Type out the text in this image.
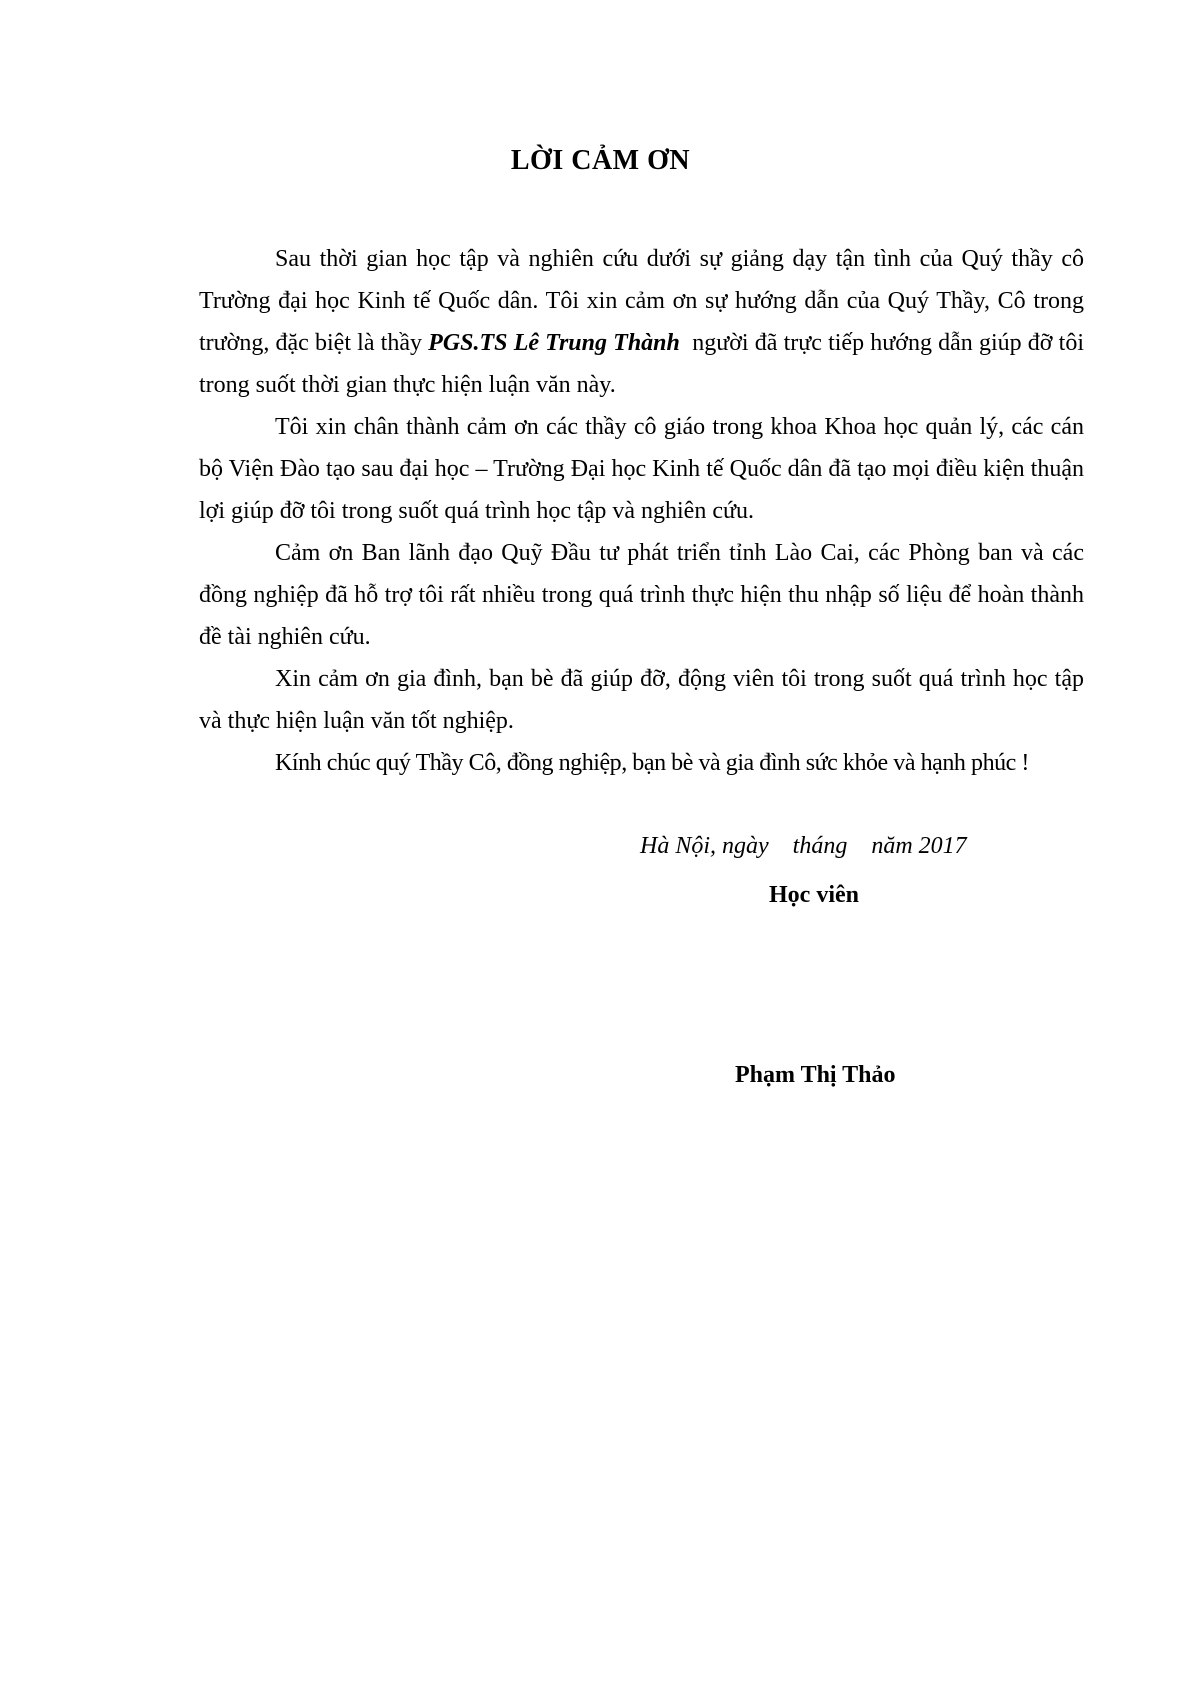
LỜI CẢM ƠN

Sau thời gian học tập và nghiên cứu dưới sự giảng dạy tận tình của Quý thầy cô Trường đại học Kinh tế Quốc dân. Tôi xin cảm ơn sự hướng dẫn của Quý Thầy, Cô trong trường, đặc biệt là thầy PGS.TS Lê Trung Thành  người đã trực tiếp hướng dẫn giúp đỡ tôi trong suốt thời gian thực hiện luận văn này.

Tôi xin chân thành cảm ơn các thầy cô giáo trong khoa Khoa học quản lý, các cán bộ Viện Đào tạo sau đại học – Trường Đại học Kinh tế Quốc dân đã tạo mọi điều kiện thuận lợi giúp đỡ tôi trong suốt quá trình học tập và nghiên cứu.

Cảm ơn Ban lãnh đạo Quỹ Đầu tư phát triển tỉnh Lào Cai, các Phòng ban và các đồng nghiệp đã hỗ trợ tôi rất nhiều trong quá trình thực hiện thu nhập số liệu để hoàn thành đề tài nghiên cứu.

Xin cảm ơn gia đình, bạn bè đã giúp đỡ, động viên tôi trong suốt quá trình học tập và thực hiện luận văn tốt nghiệp.

Kính chúc quý Thầy Cô, đồng nghiệp, bạn bè và gia đình sức khỏe và hạnh phúc !

Hà Nội, ngày    tháng    năm 2017
Học viên
Phạm Thị Thảo
